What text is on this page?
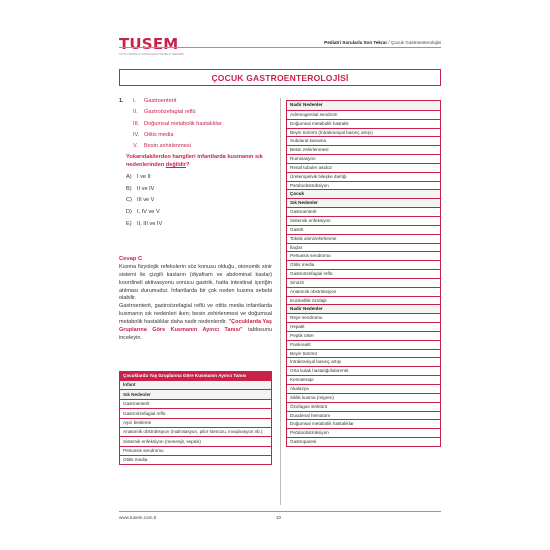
TUSEM
TIPTA UZMANLIK SINAVLARINA HAZIRLIK MERKEZİ
Pediatri Sorularla Son Tekrar / Çocuk Gastroenterolojisi
ÇOCUK GASTROENTEROLOJİSİ
1. I.	Gastroenterit
II.	Gastroözefagial reflü
III. Doğumsal metabolik hastalıklar
IV. Otitis media
V.	Besin zehirlenmesi
Yukarıdakilerden hangileri infantlarda kusmanın sık nedenlerinden değildir?
A) I ve II
B) II ve IV
C) III ve V
D) I, IV ve V
E) II, III ve IV
Cevap C

Kusma fizyolojik refekslerin söz konusu olduğu, otonomik sinir sistemi ile çizgili kasların (diyafram ve abdominal kaslar) koordineli aktivasyonu sonucu gastrik, hatta intestinal içeriğin atılması durumudur. İnfantlarda bir çok neden kusma sebebi olabilir.

Gastroenterit, gastroözefagial reflü ve otitis media infantlarda kusmanın sık nedenleri iken; besin zehirlenmesi ve doğumsal metabolik hastalıklar daha nadir nedenlerdir. "Çocuklarda Yaş Gruplarına Göre Kusmanın Ayırıcı Tanısı" tablosunu inceleyin.

Çocuklarda Yaş Gruplarına Göre Kusmanın Ayırıcı Tanısı
İnfant
Sık Nedenler
Gastroenterit
Gastroözefagial reflü
Aşırı besleme
Anatomik obstrüksiyon (malrotasyon, pilor stenozu, invajinasyon vb.)
Sistemik enfeksiyon (menenjit, sepsis)
Pertussis sendromu
Otitis media
Nadir Nedenler
Adrenogenital sendrom
Doğumsal metabolik hastalık
Beyin tümörü (İntrakraniyal basınç artışı)
Subdural kanama
Besin zehirlenmesi
Ruminasyon
Renal tubuler asidoz
Üreteropelvik bileşke darlığı
Psödoobstrüksiyon
Çocuk
Sık Nedenler
Gastroenterit
Sistemik enfeksiyon
Gastrit
Toksik alım/zehirlenme
İlaçlar
Pertussis sendromu
Otitis media
Gastroözefagial reflü
Sinüzit
Anatomik obstrüksiyon
Eozinefilik özofajit
Nadir Nedenler
Reye sendromu
Hepatit
Peptik ülser
Pankreatit
Beyin tümörü
İntrakraniyal basınç artışı
Orta kulak hastalığı/labirentit
Kemoterapi
Akalazya
Siklik kusma (migren)
Özofagus striktürü
Duodenal hematom
Doğumsal metabolik hastalıklar
Psödoobstrüksiyon
Gastroparesi
www.tusem.com.tr	10
